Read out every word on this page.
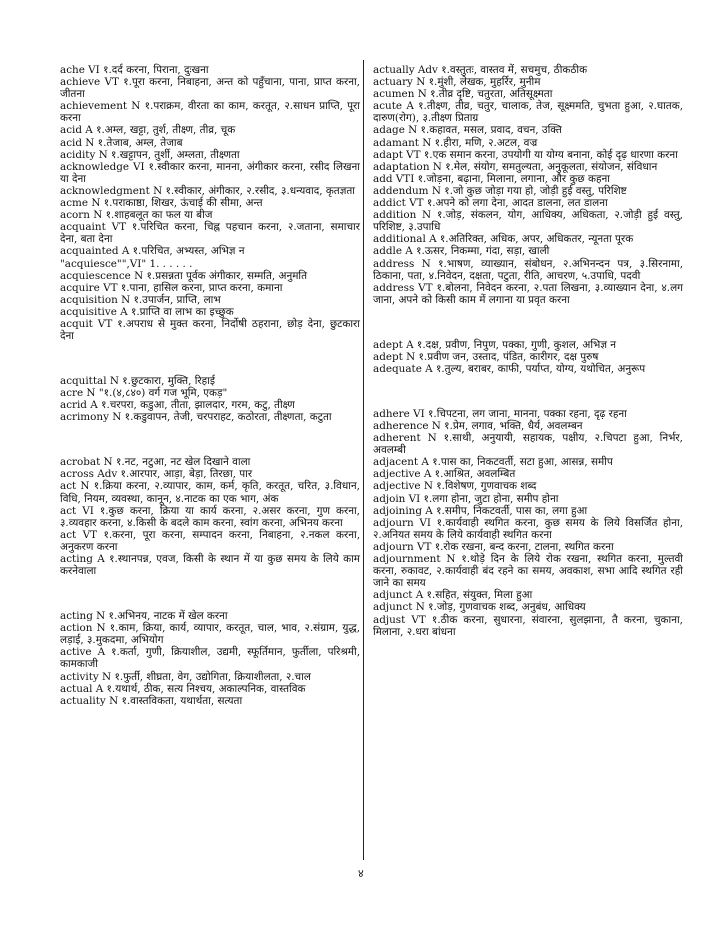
ache VI १.दर्द करना, पिराना, दुःखना

achieve VT १.पूरा करना, निबाहना, अन्त को पहुँचाना, पाना, प्राप्त करना, जीतना

achievement N १.पराक्रम, वीरता का काम, करतूत, २.साधन प्राप्ति, पूरा करना

acid A १.अम्ल, खट्टा, तुर्श, तीक्ष्ण, तीव्र, चूक

acid N १.तेजाब, अम्ल, तेजाब

acidity N १.खट्टापन, तुर्शी, अम्लता, तीक्ष्णता

acknowledge VI १.स्वीकार करना, मानना, अंगीकार करना, रसीद लिखना या देना

acknowledgment N १.स्वीकार, अंगीकार, २.रसीद, ३.धन्यवाद, कृतज्ञता

acme N १.पराकाष्ठा, शिखर, ऊंचाई की सीमा, अन्त

acorn N १.शाहबलूत का फल या बीज

acquaint VT १.परिचित करना, चिह्न पहचान करना, २.जताना, समाचार देना, बता देना

acquainted A १.परिचित, अभ्यस्त, अभिज्ञ न

"acquiesce"",VI" 1. . . . . .

acquiescence N १.प्रसन्नता पूर्वक अंगीकार, सम्मति, अनुमति

acquire VT १.पाना, हासिल करना, प्राप्त करना, कमाना

acquisition N १.उपार्जन, प्राप्ति, लाभ

acquisitive A १.प्राप्ति वा लाभ का इच्छुक

acquit VT १.अपराध से मुक्त करना, निर्दोषी ठहराना, छोड़ देना, छुटकारा देना

acquittal N १.छुटकारा, मुक्ति, रिहाई

acre N "१.(४,८४०) वर्ग गज भूमि, एकड़"

acrid A १.चरपरा, कडुआ, तीता, झालदार, गरम, कटु, तीक्ष्ण

acrimony N १.कडुवापन, तेजी, चरपराहट, कठोरता, तीक्ष्णता, कटुता

acrobat N १.नट, नटुआ, नट खेल दिखाने वाला

across Adv १.आरपार, आड़ा, बेड़ा, तिरछा, पार

act N १.क्रिया करना, २.व्यापार, काम, कर्म, कृति, करतूत, चरित, ३.विधान, विधि, नियम, व्यवस्था, कानून, ४.नाटक का एक भाग, अंक

act VI १.कुछ करना, क्रिया या कार्य करना, २.असर करना, गुण करना, ३.व्यवहार करना, ४.किसी के बदले काम करना, स्वांग करना, अभिनय करना

act VT १.करना, पूरा करना, सम्पादन करना, निबाहना, २.नकल करना, अनुकरण करना

acting A १.स्थानपन्न, एवज, किसी के स्थान में या कुछ समय के लिये काम करनेवाला

acting N १.अभिनय, नाटक में खेल करना

action N १.काम, क्रिया, कार्य, व्यापार, करतूत, चाल, भाव, २.संग्राम, युद्ध, लड़ाई, ३.मुकदमा, अभियोग

active A १.कर्ता, गुणी, क्रियाशील, उद्यमी, स्फूर्तिमान, फुर्तीला, परिश्रमी, कामकाजी

activity N १.फुर्ती, शीघ्रता, वेग, उद्योगिता, क्रियाशीलता, २.चाल

actual A १.यथार्थ, ठीक, सत्य निश्चय, अकाल्पनिक, वास्तविक

actuality N १.वास्तविकता, यथार्थता, सत्यता

actually Adv १.वस्तुतः, वास्तव में, सचमुच, ठीकठीक

actuary N १.मुंशी, लेखक, मुहर्रिर, मुनीम

acumen N १.तीव्र दृष्टि, चतुरता, अतिसूक्ष्मता

acute A १.तीक्ष्ण, तीव्र, चतुर, चालाक, तेज, सूक्ष्ममति, चुभता हुआ, २.घातक, दारुण(रोग), ३.तीक्ष्ण प्रिताग्र

adage N १.कहावत, मसल, प्रवाद, वचन, उक्ति

adamant N १.हीरा, मणि, २.अटल, वज्र

adapt VT १.एक समान करना, उपयोगी या योग्य बनाना, कोई दृढ़ धारणा करना

adaptation N १.मेल, संयोग, समतुल्यता, अनुकूलता, संयोजन, संविधान

add VTI १.जोड़ना, बढ़ाना, मिलाना, लगाना, और कुछ कहना

addendum N १.जो कुछ जोड़ा गया हो, जोड़ी हुई वस्तु, परिशिष्ट

addict VT १.अपने को लगा देना, आदत डालना, लत डालना

addition N १.जोड़, संकलन, योग, आधिक्य, अधिकता, २.जोड़ी हुई वस्तु, परिशिष्ट, ३.उपाधि

additional A १.अतिरिक्त, अधिक, अपर, अधिकतर, न्यूनता पूरक

addle A १.ऊसर, निकम्मा, गंदा, सड़ा, खाली

address N १.भाषण, व्याख्यान, संबोधन, २.अभिनन्दन पत्र, ३.सिरनामा, ठिकाना, पता, ४.निवेदन, दक्षता, पटुता, रीति, आचरण, ५.उपाधि, पदवी

address VT १.बोलना, निवेदन करना, २.पता लिखना, ३.व्याख्यान देना, ४.लग जाना, अपने को किसी काम में लगाना या प्रवृत करना

adept A १.दक्ष, प्रवीण, निपुण, पक्का, गुणी, कुशल, अभिज्ञ न

adept N १.प्रवीण जन, उस्ताद, पंडित, कारीगर, दक्ष पुरुष

adequate A १.तुल्य, बराबर, काफी, पर्याप्त, योग्य, यथोचित, अनुरूप

adhere VI १.चिपटना, लग जाना, मानना, पक्का रहना, दृढ़ रहना

adherence N १.प्रेम, लगाव, भक्ति, धैर्य, अवलम्बन

adherent N १.साथी, अनुयायी, सहायक, पक्षीय, २.चिपटा हुआ, निर्भर, अवलम्बी

adjacent A १.पास का, निकटवर्ती, सटा हुआ, आसन्न, समीप

adjective A १.आश्रित, अवलम्बित

adjective N १.विशेषण, गुणवाचक शब्द

adjoin VI १.लगा होना, जुटा होना, समीप होना

adjoining A १.समीप, निकटवर्ती, पास का, लगा हुआ

adjourn VI १.कार्यवाही स्थगित करना, कुछ समय के लिये विसर्जित होना, २.अनियत समय के लिये कार्यवाही स्थगित करना

adjourn VT १.रोक रखना, बन्द करना, टालना, स्थगित करना

adjournment N १.थोड़े दिन के लिये रोक रखना, स्थगित करना, मुल्तवी करना, रुकावट, २.कार्यवाही बंद रहने का समय, अवकाश, सभा आदि स्थगित रही जाने का समय

adjunct A १.सहित, संयुक्त, मिला हुआ

adjunct N १.जोड़, गुणवाचक शब्द, अनुबंध, आधिक्य

adjust VT १.ठीक करना, सुधारना, संवारना, सुलझाना, तै करना, चुकाना, मिलाना, २.धरा बांधना

४
